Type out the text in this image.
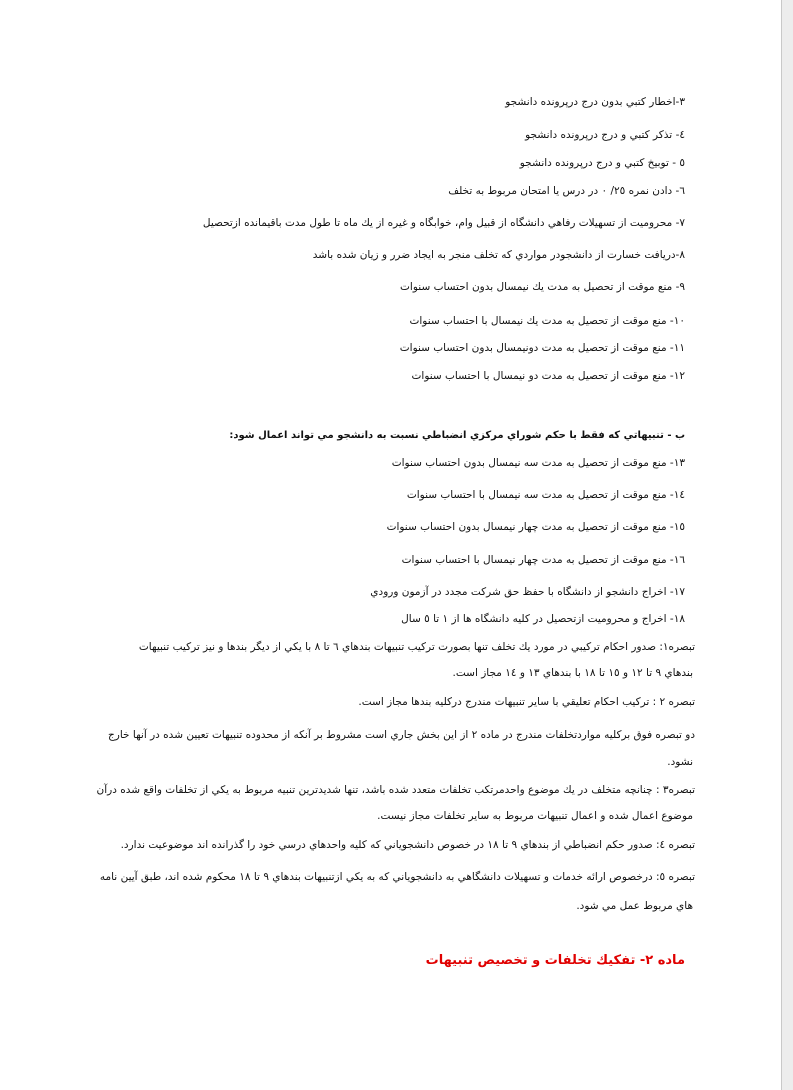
۳-اخطار كتبي بدون درج درپرونده دانشجو
٤- تذكر كتبي و درج درپرونده دانشجو
٥ - توبيخ كتبي و درج درپرونده دانشجو
٦- دادن نمره ۲٥/ ۰ در درس يا امتحان مربوط به تخلف
۷- محروميت از تسهيلات رفاهي دانشگاه از قبيل وام، خوابگاه و غيره از يك ماه تا طول مدت باقيمانده ازتحصيل
۸-دريافت خسارت از دانشجودر مواردي كه تخلف منجر به ايجاد ضرر و زيان شده باشد
۹- منع موقت از تحصيل به مدت يك نيمسال بدون احتساب سنوات
۱۰- منع موقت از تحصيل به مدت يك نيمسال با احتساب سنوات
۱۱- منع موقت از تحصيل به مدت دونيمسال بدون احتساب سنوات
۱۲- منع موقت از تحصيل به مدت دو نيمسال با احتساب سنوات
ب - تنبيهاتي كه فقط با حكم شوراي مركزي انضباطي نسبت به دانشجو مي تواند اعمال شود:
۱۳- منع موقت از تحصيل به مدت سه نيمسال بدون احتساب سنوات
۱٤- منع موقت از تحصيل به مدت سه نيمسال با احتساب سنوات
۱٥- منع موقت از تحصيل به مدت چهار نيمسال بدون احتساب سنوات
۱٦- منع موقت از تحصيل به مدت چهار نيمسال با احتساب سنوات
۱۷- اخراج دانشجو از دانشگاه با حفظ حق شركت مجدد در آزمون ورودي
۱۸- اخراج و محروميت ازتحصيل در كليه دانشگاه ها از ۱ تا ٥ سال
تبصره۱: صدور احكام تركيبي در مورد يك تخلف تنها بصورت تركيب تنبيهات بندهاي ٦ تا ۸ با يكي از ديگر بندها و نيز تركيب تنبيهات
بندهاي ۹ تا ۱۲ و ۱٥ تا ۱۸ با بندهاي ۱۳ و ۱٤ مجاز است.
تبصره ۲ : تركيب احكام تعليقي با ساير تنبيهات مندرج دركليه بندها مجاز است.
دو تبصره فوق بركليه مواردتخلفات مندرج در ماده ۲ از اين بخش جاري است مشروط بر آنكه از محدوده تنبيهات تعيين شده در آنها خارج
نشود.
تبصره۳ : چنانچه متخلف در يك موضوع واحدمرتكب تخلفات متعدد شده باشد، تنها شديدترين تنبيه مربوط به يكي از تخلفات واقع شده درآن
موضوع اعمال شده و اعمال تنبيهات مربوط به ساير تخلفات مجاز نيست.
تبصره ٤: صدور حكم انضباطي از بندهاي ۹ تا ۱۸ در خصوص دانشجوياني كه كليه واحدهاي درسي خود را گذرانده اند موضوعيت ندارد.
تبصره ٥: درخصوص ارائه خدمات و تسهيلات دانشگاهي به دانشجوياني كه به يكي ازتنبيهات بندهاي ۹ تا ۱۸ محكوم شده اند، طبق آيين نامه
هاي مربوط عمل مي شود.
ماده ۲- تفكيك تخلفات و تخصيص تنبيهات
